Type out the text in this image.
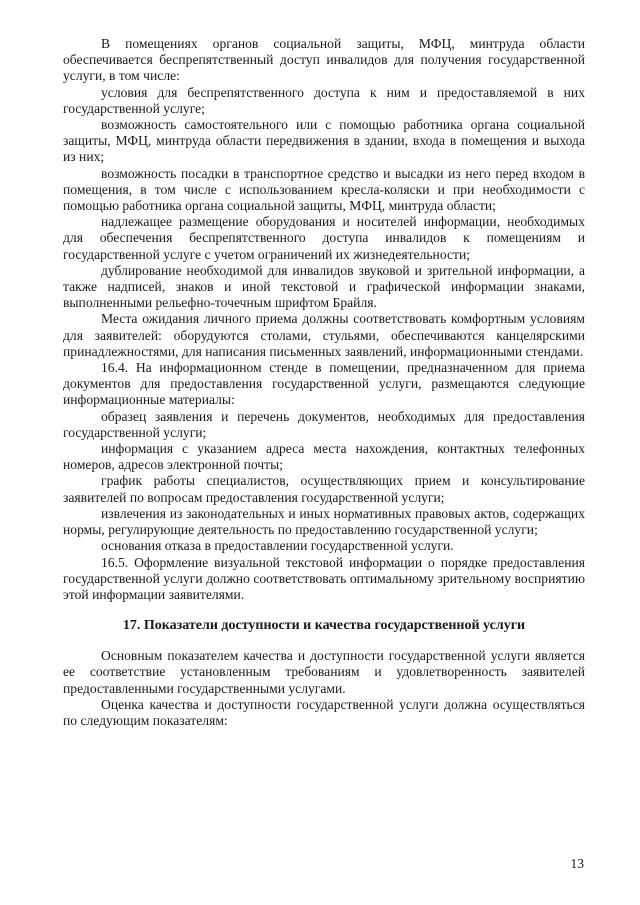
В помещениях органов социальной защиты, МФЦ, минтруда области обеспечивается беспрепятственный доступ инвалидов для получения государственной услуги, в том числе:

условия для беспрепятственного доступа к ним и предоставляемой в них государственной услуге;

возможность самостоятельного или с помощью работника органа социальной защиты, МФЦ, минтруда области передвижения в здании, входа в помещения и выхода из них;

возможность посадки в транспортное средство и высадки из него перед входом в помещения, в том числе с использованием кресла-коляски и при необходимости с помощью работника органа социальной защиты, МФЦ, минтруда области;

надлежащее размещение оборудования и носителей информации, необходимых для обеспечения беспрепятственного доступа инвалидов к помещениям и государственной услуге с учетом ограничений их жизнедеятельности;

дублирование необходимой для инвалидов звуковой и зрительной информации, а также надписей, знаков и иной текстовой и графической информации знаками, выполненными рельефно-точечным шрифтом Брайля.

Места ожидания личного приема должны соответствовать комфортным условиям для заявителей: оборудуются столами, стульями, обеспечиваются канцелярскими принадлежностями, для написания письменных заявлений, информационными стендами.

16.4. На информационном стенде в помещении, предназначенном для приема документов для предоставления государственной услуги, размещаются следующие информационные материалы:

образец заявления и перечень документов, необходимых для предоставления государственной услуги;

информация с указанием адреса места нахождения, контактных телефонных номеров, адресов электронной почты;

график работы специалистов, осуществляющих прием и консультирование заявителей по вопросам предоставления государственной услуги;

извлечения из законодательных и иных нормативных правовых актов, содержащих нормы, регулирующие деятельность по предоставлению государственной услуги;

основания отказа в предоставлении государственной услуги.

16.5. Оформление визуальной текстовой информации о порядке предоставления государственной услуги должно соответствовать оптимальному зрительному восприятию этой информации заявителями.

17. Показатели доступности и качества государственной услуги

Основным показателем качества и доступности государственной услуги является ее соответствие установленным требованиям и удовлетворенность заявителей предоставленными государственными услугами.

Оценка качества и доступности государственной услуги должна осуществляться по следующим показателям:

13
